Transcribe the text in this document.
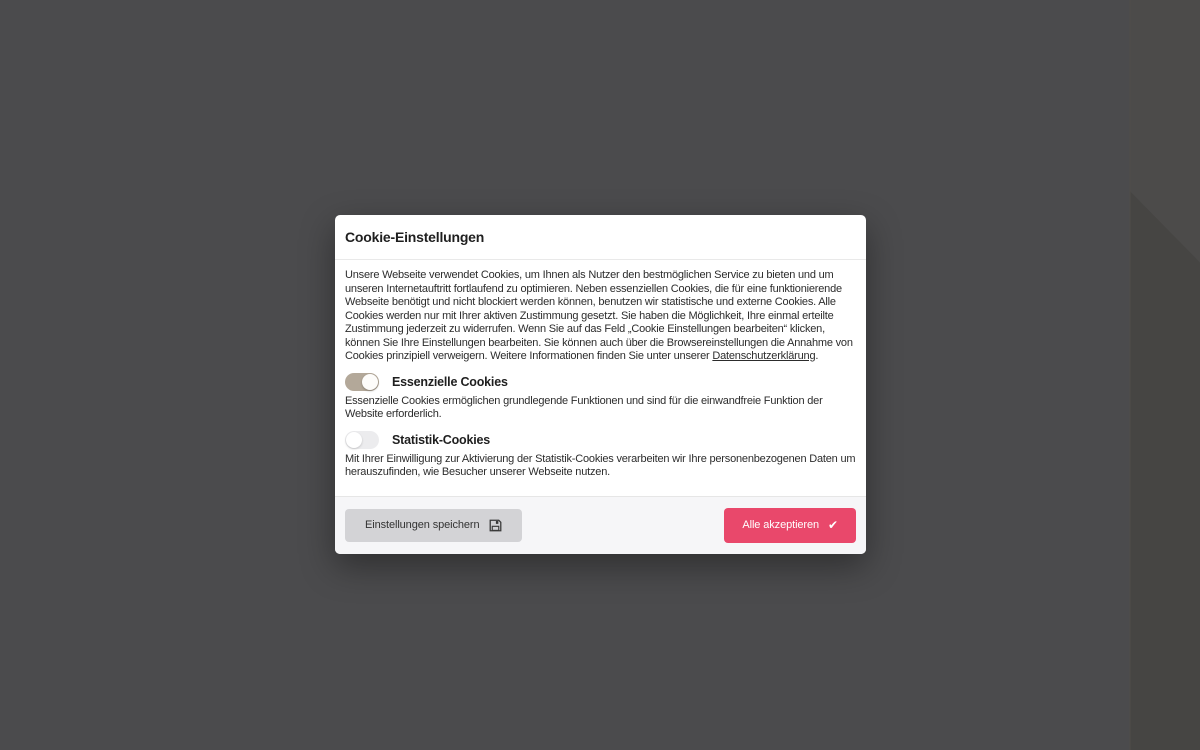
Cookie-Einstellungen
Unsere Webseite verwendet Cookies, um Ihnen als Nutzer den bestmöglichen Service zu bieten und um unseren Internetauftritt fortlaufend zu optimieren. Neben essenziellen Cookies, die für eine funktionierende Webseite benötigt und nicht blockiert werden können, benutzen wir statistische und externe Cookies. Alle Cookies werden nur mit Ihrer aktiven Zustimmung gesetzt. Sie haben die Möglichkeit, Ihre einmal erteilte Zustimmung jederzeit zu widerrufen. Wenn Sie auf das Feld „Cookie Einstellungen bearbeiten“ klicken, können Sie Ihre Einstellungen bearbeiten. Sie können auch über die Browsereinstellungen die Annahme von Cookies prinzipiell verweigern. Weitere Informationen finden Sie unter unserer Datenschutzerklärung.
Essenzielle Cookies
Essenzielle Cookies ermöglichen grundlegende Funktionen und sind für die einwandfreie Funktion der Website erforderlich.
Statistik-Cookies
Mit Ihrer Einwilligung zur Aktivierung der Statistik-Cookies verarbeiten wir Ihre personenbezogenen Daten um herauszufinden, wie Besucher unserer Webseite nutzen.
Einstellungen speichern	Alle akzeptieren ✔
